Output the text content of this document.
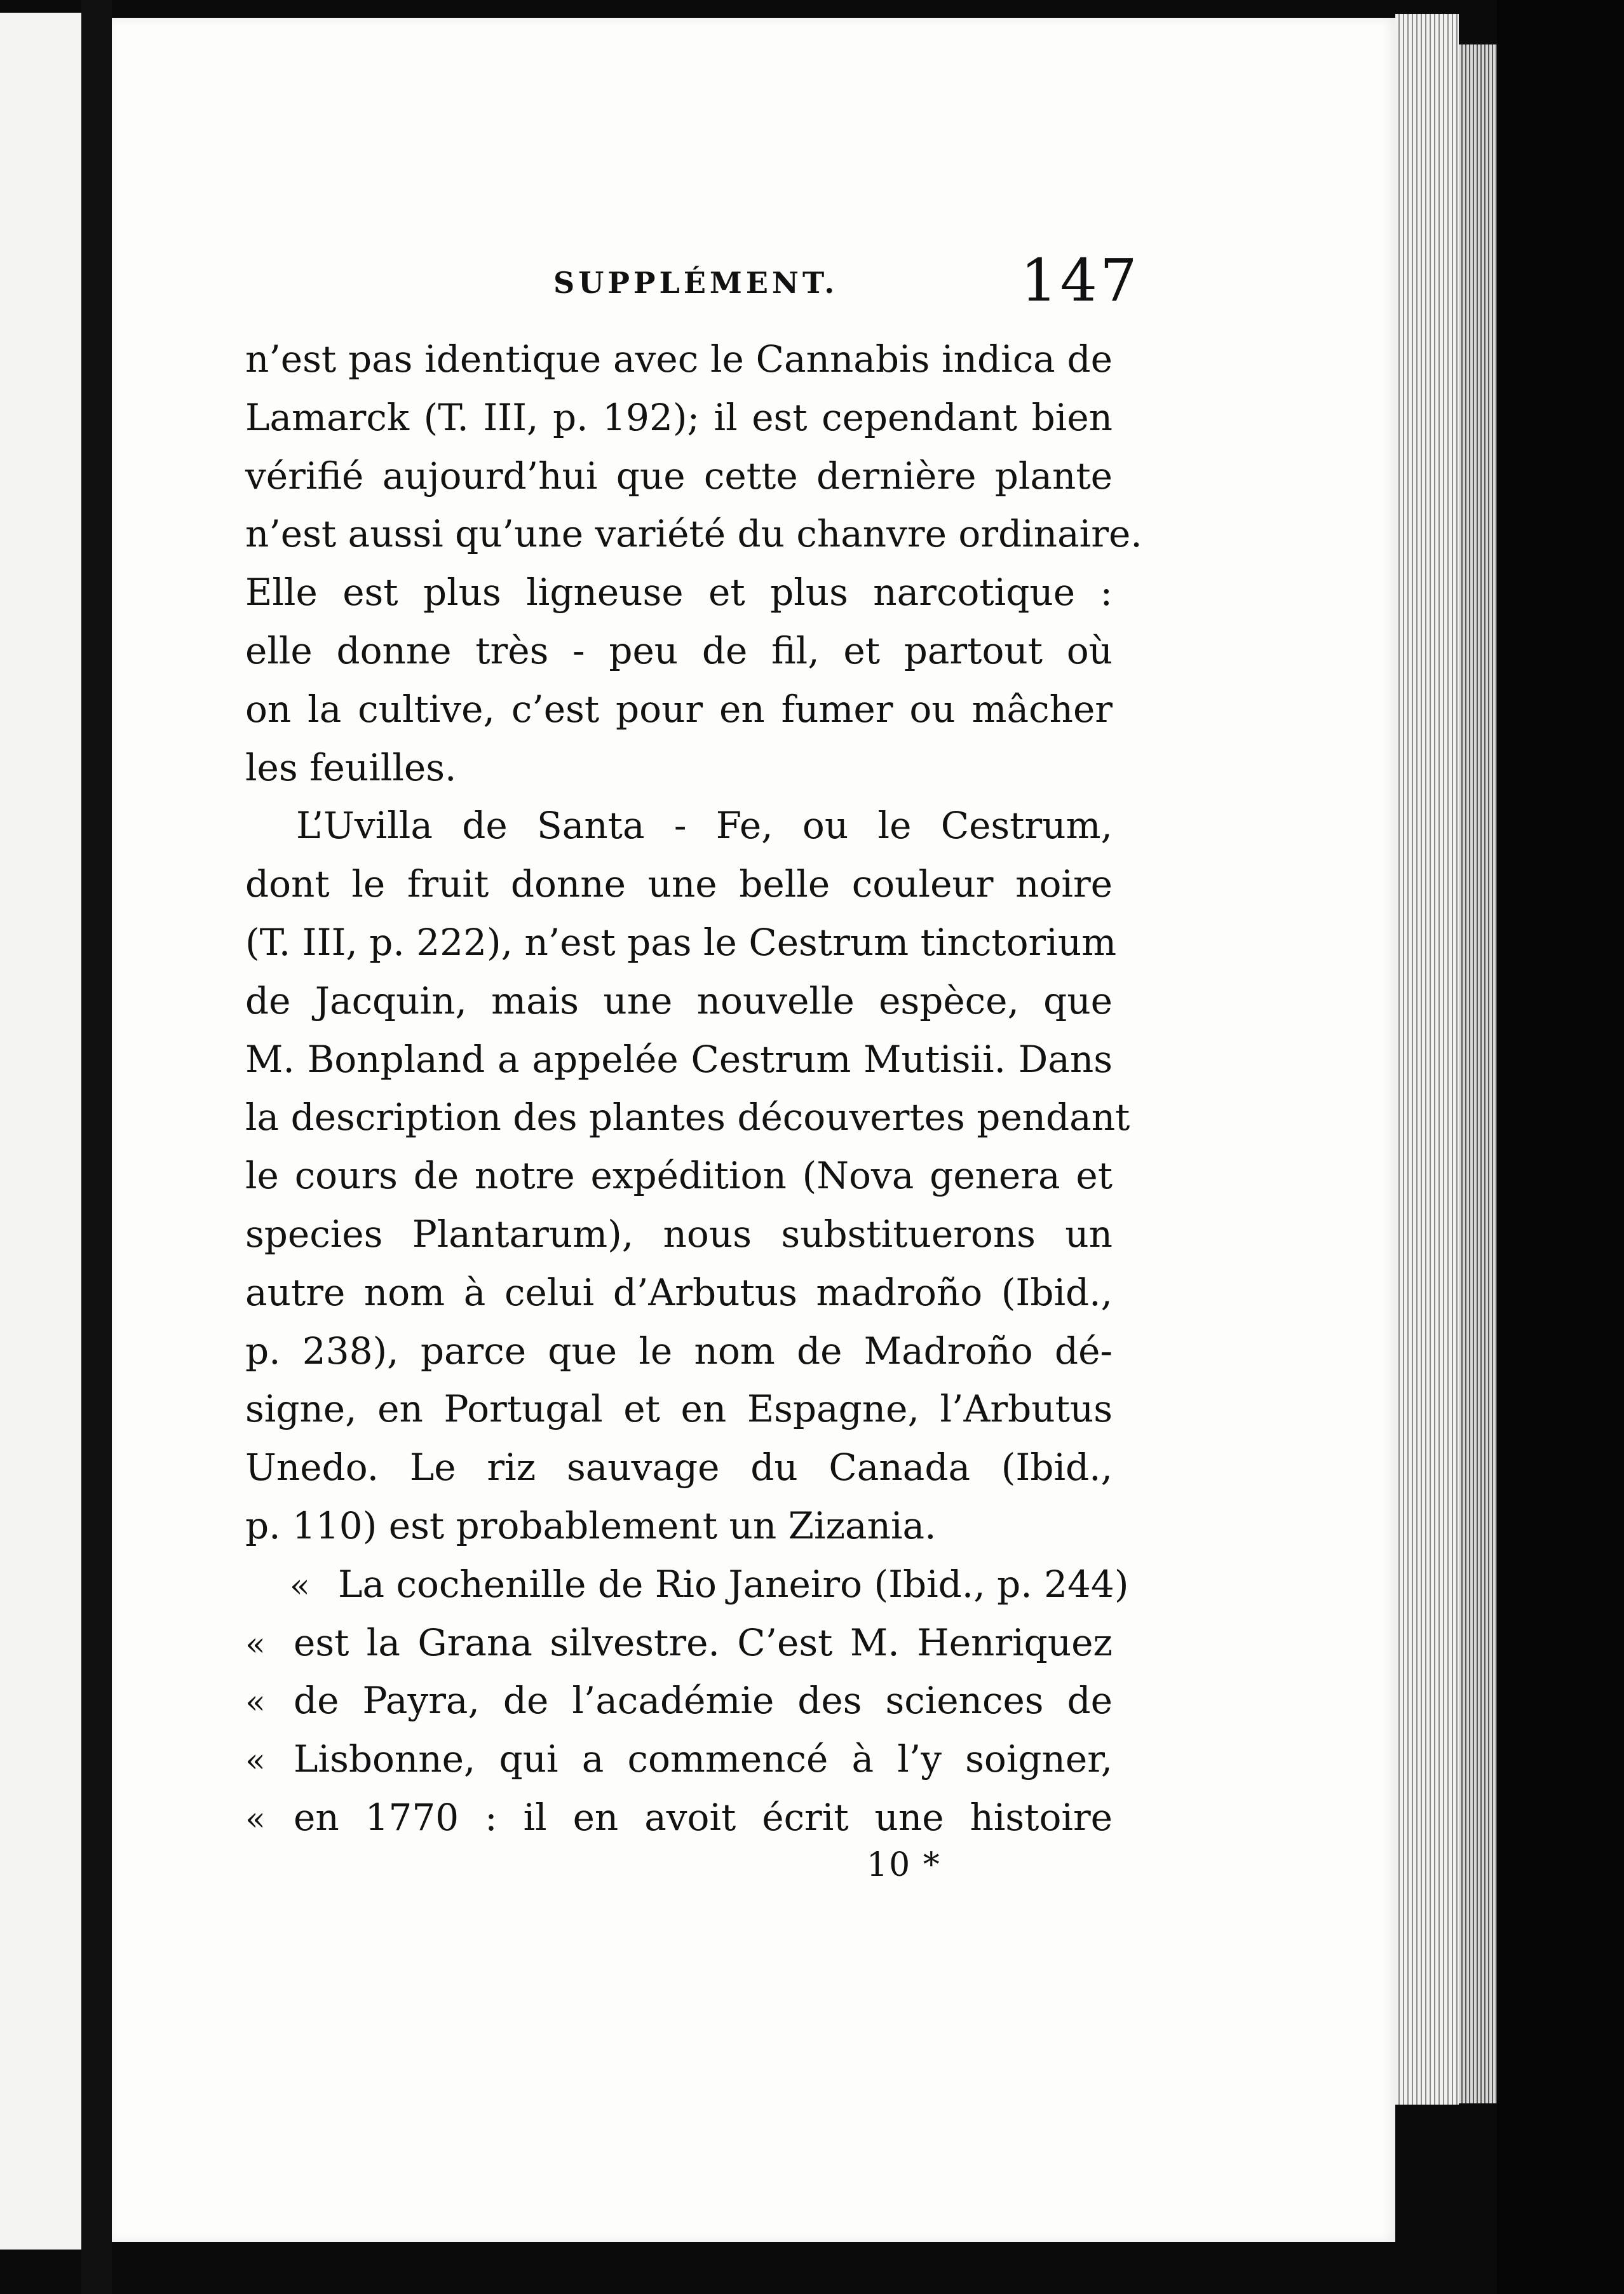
SUPPLÉMENT.	147
n’est pas identique avec le Cannabis indica de
Lamarck (T. III, p. 192); il est cependant bien
vérifié aujourd’hui que cette dernière plante
n’est aussi qu’une variété du chanvre ordinaire.
Elle est plus ligneuse et plus narcotique :
elle donne très - peu de fil, et partout où
on la cultive, c’est pour en fumer ou mâcher
les feuilles.
L’Uvilla de Santa - Fe, ou le Cestrum,
dont le fruit donne une belle couleur noire
(T. III, p. 222), n’est pas le Cestrum tinctorium
de Jacquin, mais une nouvelle espèce, que
M. Bonpland a appelée Cestrum Mutisii. Dans
la description des plantes découvertes pendant
le cours de notre expédition (Nova genera et
species Plantarum), nous substituerons un
autre nom à celui d’Arbutus madroño (Ibid.,
p. 238), parce que le nom de Madroño dé-
signe, en Portugal et en Espagne, l’Arbutus
Unedo. Le riz sauvage du Canada (Ibid.,
p. 110) est probablement un Zizania.
« La cochenille de Rio Janeiro (Ibid., p. 244)
« est la Grana silvestre. C’est M. Henriquez
« de Payra, de l’académie des sciences de
« Lisbonne, qui a commencé à l’y soigner,
« en 1770 : il en avoit écrit une histoire
10 *
